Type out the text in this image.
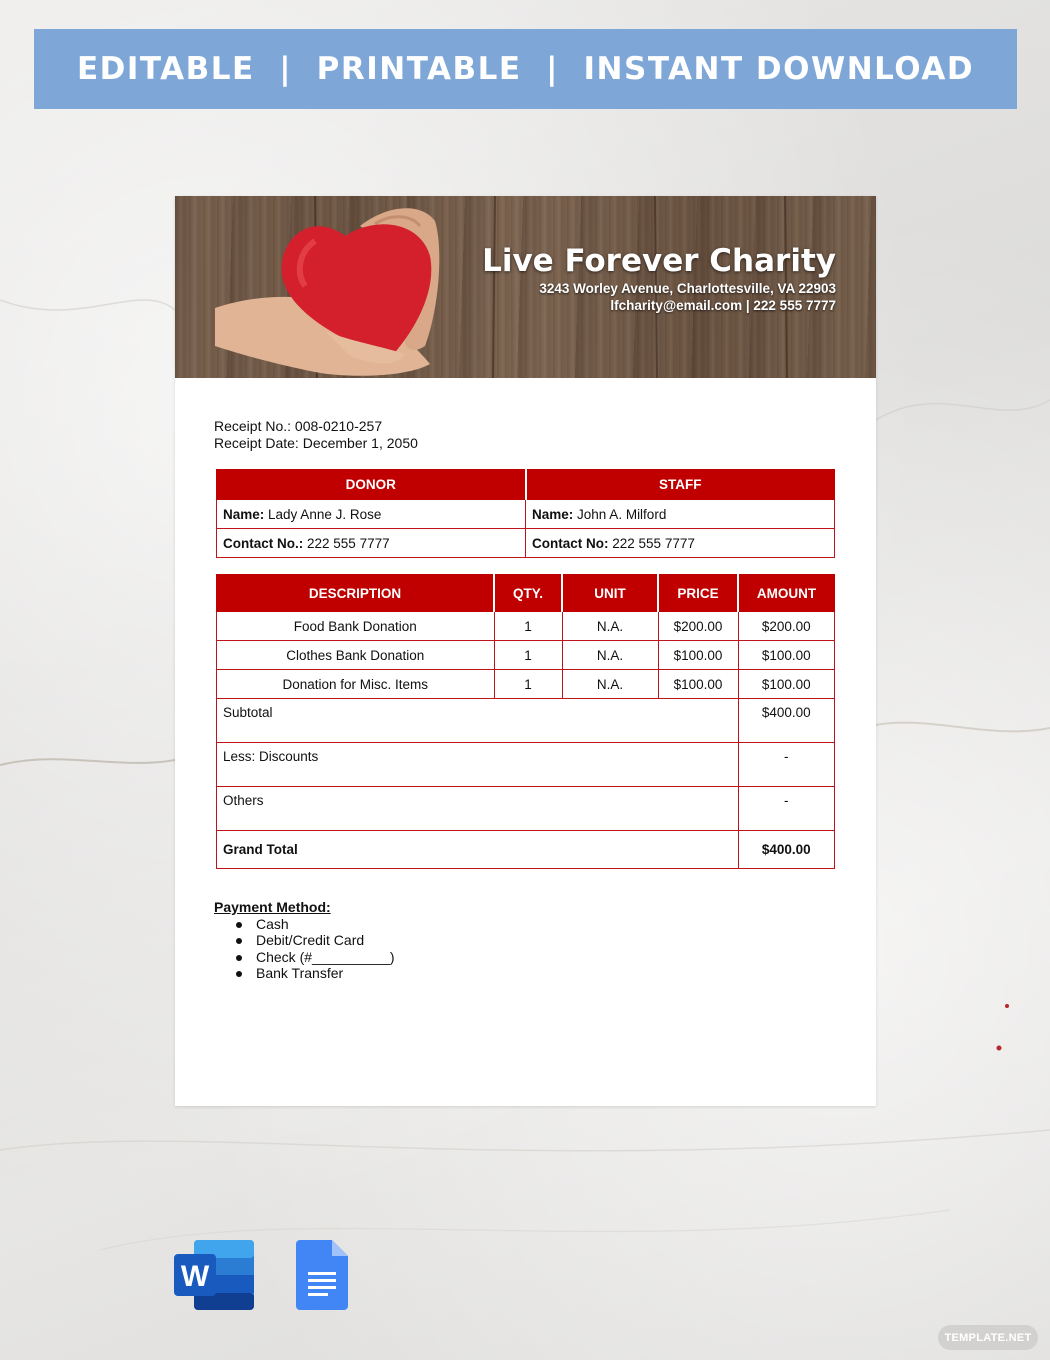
EDITABLE  |  PRINTABLE  |  INSTANT DOWNLOAD
Live Forever Charity
3243 Worley Avenue, Charlottesville, VA 22903
lfcharity@email.com | 222 555 7777
Receipt No.: 008-0210-257
Receipt Date: December 1, 2050
DONOR	STAFF
Name: Lady Anne J. Rose	Name: John A. Milford
Contact No.: 222 555 7777	Contact No: 222 555 7777
DESCRIPTION	QTY.	UNIT	PRICE	AMOUNT
Food Bank Donation	1	N.A.	$200.00	$200.00
Clothes Bank Donation	1	N.A.	$100.00	$100.00
Donation for Misc. Items	1	N.A.	$100.00	$100.00
Subtotal				$400.00
Less: Discounts				-
Others				-
Grand Total				$400.00
Payment Method:
Cash
Debit/Credit Card
Check (#__________)
Bank Transfer
W
TEMPLATE.NET
